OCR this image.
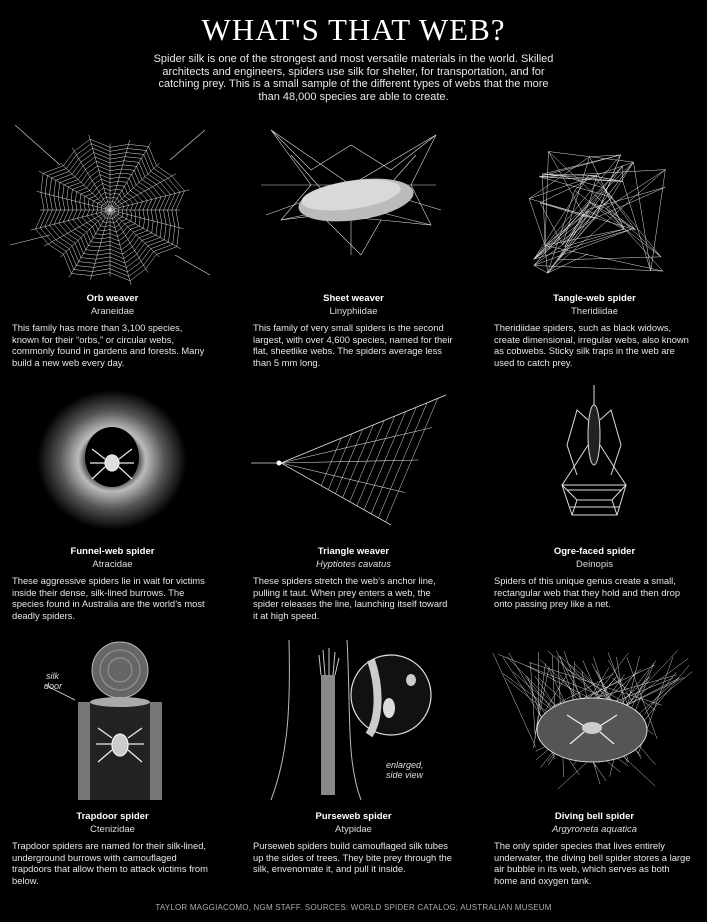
WHAT'S THAT WEB?
Spider silk is one of the strongest and most versatile materials in the world. Skilled architects and engineers, spiders use silk for shelter, for transportation, and for catching prey. This is a small sample of the different types of webs that the more than 48,000 species are able to create.
Orb weaver
Araneidae
This family has more than 3,100 species, known for their “orbs,” or circular webs, commonly found in gardens and forests. Many build a new web every day.
Sheet weaver
Linyphiidae
This family of very small spiders is the second largest, with over 4,600 species, named for their flat, sheetlike webs. The spiders average less than 5 mm long.
Tangle-web spider
Theridiidae
Theridiidae spiders, such as black widows, create dimensional, irregular webs, also known as cobwebs. Sticky silk traps in the web are used to catch prey.
Funnel-web spider
Atracidae
These aggressive spiders lie in wait for victims inside their dense, silk-lined burrows. The species found in Australia are the world’s most deadly spiders.
Triangle weaver
Hyptiotes cavatus
These spiders stretch the web’s anchor line, pulling it taut. When prey enters a web, the spider releases the line, launching itself toward it at high speed.
Ogre-faced spider
Deinopis
Spiders of this unique genus create a small, rectangular web that they hold and then drop onto passing prey like a net.
silk
door
Trapdoor spider
Ctenizidae
Trapdoor spiders are named for their silk-lined, underground burrows with camouflaged trapdoors that allow them to attack victims from below.
enlarged,
side view
Purseweb spider
Atypidae
Purseweb spiders build camouflaged silk tubes up the sides of trees. They bite prey through the silk, envenomate it, and pull it inside.
Diving bell spider
Argyroneta aquatica
The only spider species that lives entirely underwater, the diving bell spider stores a large air bubble in its web, which serves as both home and oxygen tank.
TAYLOR MAGGIACOMO, NGM STAFF. SOURCES: WORLD SPIDER CATALOG; AUSTRALIAN MUSEUM
